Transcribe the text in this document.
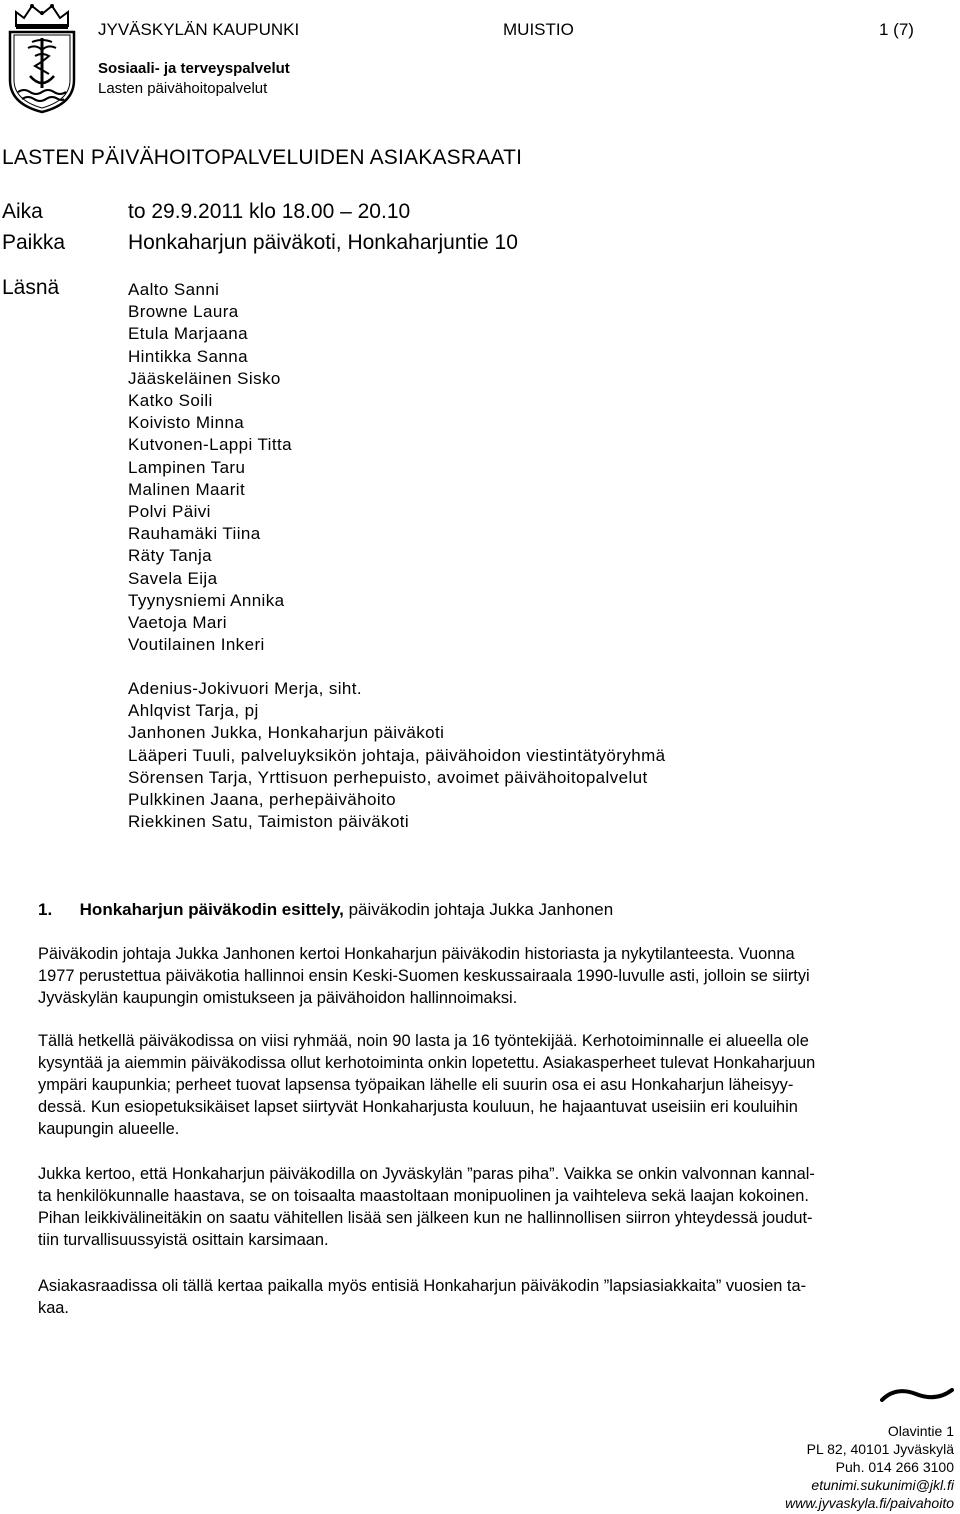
JYVÄSKYLÄN KAUPUNKI	MUISTIO	1 (7)
Sosiaali- ja terveyspalvelut
Lasten päivähoitopalvelut
LASTEN PÄIVÄHOITOPALVELUIDEN ASIAKASRAATI
Aika	to 29.9.2011 klo 18.00 – 20.10
Paikka	Honkaharjun päiväkoti, Honkaharjuntie 10
Läsnä	Aalto Sanni
Browne Laura
Etula Marjaana
Hintikka Sanna
Jääskeläinen Sisko
Katko Soili
Koivisto Minna
Kutvonen-Lappi Titta
Lampinen Taru
Malinen Maarit
Polvi Päivi
Rauhamäki Tiina
Räty Tanja
Savela Eija
Tyynysniemi Annika
Vaetoja Mari
Voutilainen Inkeri
Adenius-Jokivuori Merja, siht.
Ahlqvist Tarja, pj
Janhonen Jukka, Honkaharjun päiväkoti
Lääperi Tuuli, palveluyksikön johtaja, päivähoidon viestintätyöryhmä
Sörensen Tarja, Yrttisuon perhepuisto, avoimet päivähoitopalvelut
Pulkkinen Jaana, perhepäivähoito
Riekkinen Satu, Taimiston päiväkoti
1. Honkaharjun päiväkodin esittely, päiväkodin johtaja Jukka Janhonen
Päiväkodin johtaja Jukka Janhonen kertoi Honkaharjun päiväkodin historiasta ja nykytilanteesta. Vuonna
1977 perustettua päiväkotia hallinnoi ensin Keski-Suomen keskussairaala 1990-luvulle asti, jolloin se siirtyi
Jyväskylän kaupungin omistukseen ja päivähoidon hallinnoimaksi.
Tällä hetkellä päiväkodissa on viisi ryhmää, noin 90 lasta ja 16 työntekijää. Kerhotoiminnalle ei alueella ole
kysyntää ja aiemmin päiväkodissa ollut kerhotoiminta onkin lopetettu. Asiakasperheet tulevat Honkaharjuun
ympäri kaupunkia; perheet tuovat lapsensa työpaikan lähelle eli suurin osa ei asu Honkaharjun läheisyy-
dessä. Kun esiopetuksikäiset lapset siirtyvät Honkaharjusta kouluun, he hajaantuvat useisiin eri kouluihin
kaupungin alueelle.
Jukka kertoo, että Honkaharjun päiväkodilla on Jyväskylän ”paras piha”. Vaikka se onkin valvonnan kannal-
ta henkilökunnalle haastava, se on toisaalta maastoltaan monipuolinen ja vaihteleva sekä laajan kokoinen.
Pihan leikkivälineitäkin on saatu vähitellen lisää sen jälkeen kun ne hallinnollisen siirron yhteydessä joudut-
tiin turvallisuussyistä osittain karsimaan.
Asiakasraadissa oli tällä kertaa paikalla myös entisiä Honkaharjun päiväkodin ”lapsiasiakkaita” vuosien ta-
kaa.
Olavintie 1
PL 82, 40101 Jyväskylä
Puh. 014 266 3100
etunimi.sukunimi@jkl.fi
www.jyvaskyla.fi/paivahoito
